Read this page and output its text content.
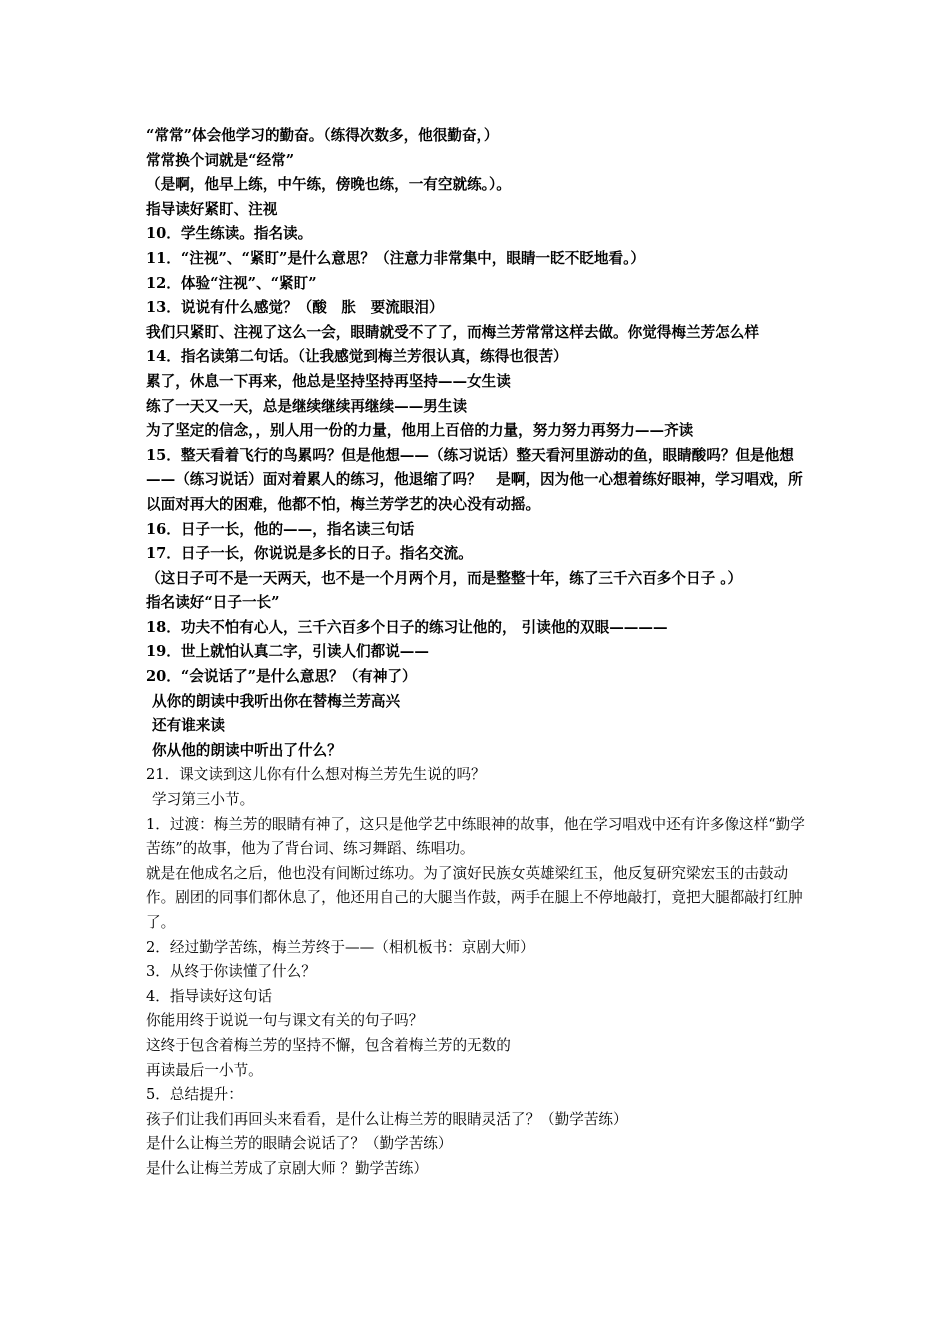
“常常”体会他学习的勤奋。（练得次数多，他很勤奋，）

常常换个词就是“经常”

（是啊，他早上练，中午练，傍晚也练，一有空就练。）。

指导读好紧盯、注视

10．学生练读。指名读。

11．“注视”、“紧盯”是什么意思？（注意力非常集中，眼睛一眨不眨地看。）

12．体验“注视”、“紧盯”

13．说说有什么感觉？（酸　胀　要流眼泪）

我们只紧盯、注视了这么一会，眼睛就受不了了，而梅兰芳常常这样去做。你觉得梅兰芳怎么样

14．指名读第二句话。（让我感觉到梅兰芳很认真，练得也很苦）

累了，休息一下再来，他总是坚持坚持再坚持——女生读

练了一天又一天，总是继续继续再继续——男生读

为了坚定的信念，，别人用一份的力量，他用上百倍的力量，努力努力再努力——齐读

15．整天看着飞行的鸟累吗？但是他想——（练习说话）整天看河里游动的鱼，眼睛酸吗？但是他想——（练习说话）面对着累人的练习，他退缩了吗？　是啊，因为他一心想着练好眼神，学习唱戏，所以面对再大的困难，他都不怕，梅兰芳学艺的决心没有动摇。

16．日子一长，他的——，指名读三句话

17．日子一长，你说说是多长的日子。指名交流。

（这日子可不是一天两天，也不是一个月两个月，而是整整十年，练了三千六百多个日子 。）

指名读好“日子一长”

18．功夫不怕有心人，三千六百多个日子的练习让他的， 引读他的双眼————

19．世上就怕认真二字，引读人们都说——

20．“会说话了”是什么意思？（有神了）

从你的朗读中我听出你在替梅兰芳高兴

还有谁来读

你从他的朗读中听出了什么？

21．课文读到这儿你有什么想对梅兰芳先生说的吗？

学习第三小节。

1．过渡：梅兰芳的眼睛有神了，这只是他学艺中练眼神的故事，他在学习唱戏中还有许多像这样“勤学苦练”的故事，他为了背台词、练习舞蹈、练唱功。

就是在他成名之后，他也没有间断过练功。为了演好民族女英雄梁红玉，他反复研究梁宏玉的击鼓动作。剧团的同事们都休息了，他还用自己的大腿当作鼓，两手在腿上不停地敲打，竟把大腿都敲打红肿了。

2．经过勤学苦练，梅兰芳终于——（相机板书：京剧大师）

3．从终于你读懂了什么？

4．指导读好这句话

你能用终于说说一句与课文有关的句子吗？

这终于包含着梅兰芳的坚持不懈，包含着梅兰芳的无数的

再读最后一小节。

5．总结提升：

孩子们让我们再回头来看看，是什么让梅兰芳的眼睛灵活了？（勤学苦练）

是什么让梅兰芳的眼睛会说话了？（勤学苦练）

是什么让梅兰芳成了京剧大师 ？勤学苦练）
